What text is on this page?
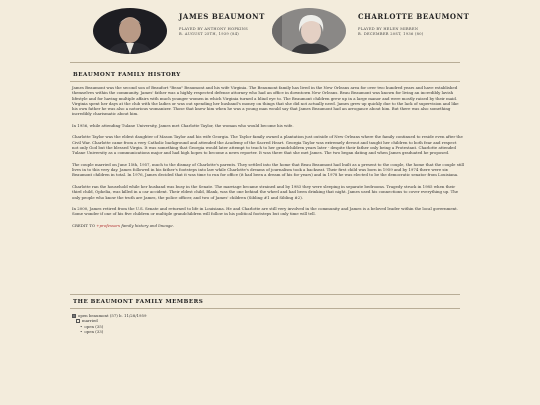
JAMES BEAUMONT
PLAYED BY ANTHONY HOPKINS
B. AUGUST 25TH, 1939 (84)
CHARLOTTE BEAUMONT
PLAYED BY HELEN MIRREN
B. DECEMBER 20ST, 1936 (80)
BEAUMONT FAMILY HISTORY

James Beaumont was the second son of Beaufort "Beau" Beaumont and his wife Virginia. The Beaumont family has lived in the New Orleans area for over two hundred years and have established themselves within the community. James' father was a highly respected defense attorney who had an office in downtown New Orleans. Beau Beaumont was known for living an incredibly lavish lifestyle and for having multiple affairs with much younger women in which Virginia turned a blind eye to. The Beaumont children grew up in a large manor and were mostly raised by their maid. Virginia spent her days at the club with the ladies or was out spending her husband's money on things that she did not actually need. James grew up quickly due to the lack of supervision and like his own father he was also a notorious womanizer. Those that knew him when he was a young man would say that James Beaumont had an arrogance about him. But there was also something incredibly charismatic about him.

In 1956, while attending Tulane University, James met Charlotte Taylor, the woman who would become his wife.

Charlotte Taylor was the eldest daughter of Mason Taylor and his wife Georgia. The Taylor family owned a plantation just outside of New Orleans where the family continued to reside even after the Civil War. Charlotte came from a very Catholic background and attended the Academy of the Sacred Heart. Georgia Taylor was extremely devout and taught her children to both fear and respect not only God but the blessed Virgin. It was something that Georgia would later attempt to teach to her grandchildren years later - despite their father only being a Protestant. Charlotte attended Tulane University as a communications major and had high hopes to become a news reporter. It was there that she met James. The two began dating and when James graduated he proposed.

The couple married on June 15th, 1957, much to the dismay of Charlotte's parents. They settled into the home that Beau Beaumont had built as a present to the couple, the home that the couple still lives in to this very day. James followed in his father's footsteps into law while Charlotte's dreams of journalism took a backseat. Their first child was born in 1959 and by 1974 there were six Beaumont children in total. In 1976, James decided that it was time to run for office (it had been a dream of his for years) and in 1978 he was elected to be the democratic senator from Louisiana.

Charlotte ran the household while her husband was busy in the Senate. The marriage became strained and by 1983 they were sleeping in separate bedrooms. Tragedy struck in 1985 when their third child, Ophelia, was killed in a car accident. Their eldest child, Blank, was the one behind the wheel and had been drinking that night. James used his connections to cover everything up. The only people who know the truth are James, the police officer, and two of James' children (Sibling #1 and Sibling #2).

In 2000, James retired from the U.S. Senate and returned to life in Louisiana. He and Charlotte are still very involved in the community and James is a beloved leader within the local government. Some wonder if one of his five children or multiple grandchildren will follow in his political footsteps but only time will tell.

CREDIT TO +professors family history and lineage.

THE BEAUMONT FAMILY MEMBERS
open beaumont (57) b. 11/28/1959
married
• open (35)
• open (33)
